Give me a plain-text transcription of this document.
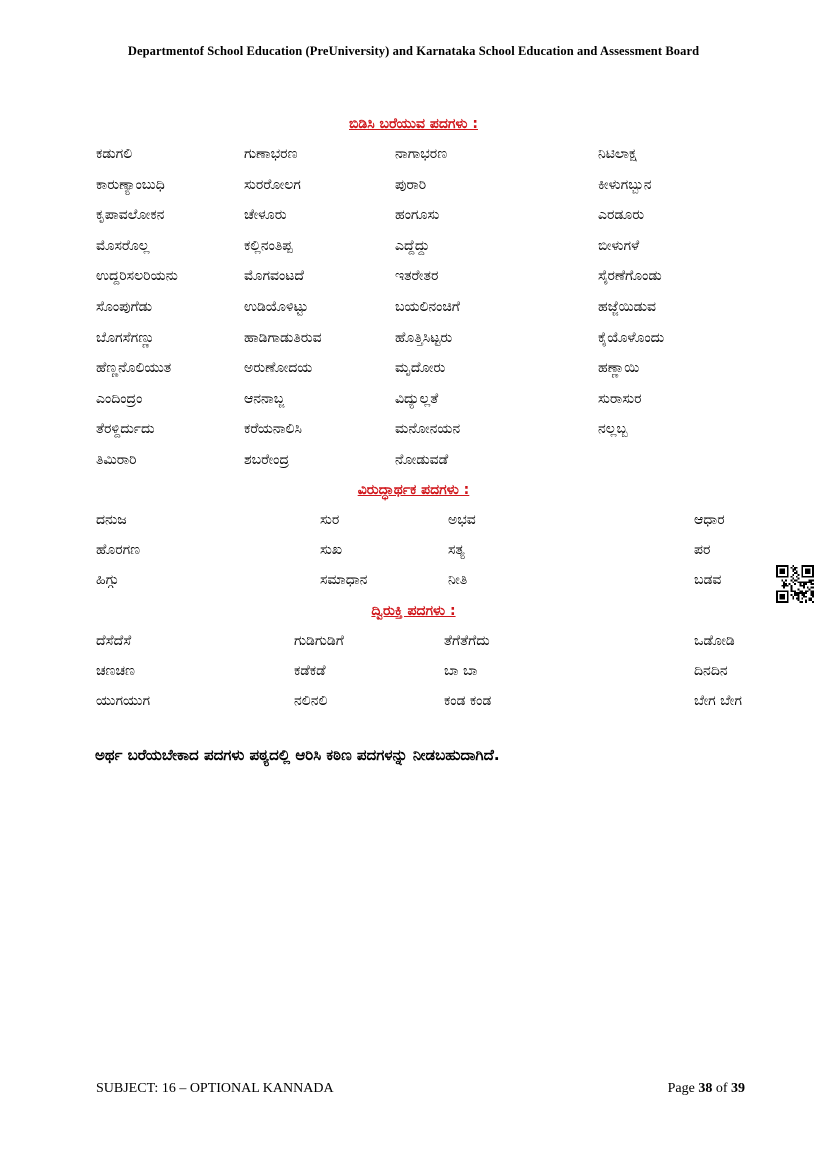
Departmentof School Education (PreUniversity) and Karnataka School Education and Assessment Board
ಬಿಡಿಸಿ ಬರೆಯುವ ಪದಗಳು :
ಕಡುಗಲಿ	ಗುಣಾಭರಣ	ನಾಗಾಭರಣ	ನಿಟಿಲಾಕ್ಷ
ಕಾರುಣ್ಯಾಂಬುಧಿ	ಸುರರೋಲಗ	ಪುರಾರಿ	ಕೀಳುಗಬ್ಬುನ
ಕೃಪಾವಲೋಕನ	ಚೇಳೂರು	ಹಂಗೂಸು	ಎರಡೂರು
ಮೊಸರೊಲ್ಲ	ಕಲ್ಲಿನಂತಿಪ್ಪ	ಎದ್ದೆದ್ದು	ಬೀಳುಗಳೆ
ಉದ್ದರಿಸಲರಿಯನು	ಮೊಗವಂಟದೆ	ಇತರೇತರ	ಸೈರಣೆಗೊಂಡು
ಸೊಂಪುಗೆಡು	ಉಡಿಯೊಳಿಟ್ಟು	ಬಯಲಿನಂಚಿಗೆ	ಹಜ್ಜೆಯಿಡುವ
ಬೊಗಸೆಗಣ್ಣು	ಹಾಡಿಗಾಡುತಿರುವ	ಹೊತ್ತಿಸಿಟ್ಟರು	ಕೈಯೊಳೊಂದು
ಹೆಣ್ಣನೊಲಿಯುತ	ಅರುಣೋದಯ	ಮೃದೋರು	ಹಣ್ಣಾಯಿ
ಎಂದಿಂದ್ರಂ	ಆನನಾಬ್ಜ	ವಿದ್ಯುಲ್ಲತೆ	ಸುರಾಸುರ
ತೆರಳ್ದಿರ್ದುದು	ಕರೆಯನಾಲಿಸಿ	ಮನೋನಯನ	ನಲ್ಲಬ್ಬ
ತಿಮಿರಾರಿ	ಶಬರೇಂದ್ರ	ನೋಡುವಡೆ
ವಿರುದ್ಧಾರ್ಥಕ ಪದಗಳು :
ದನುಜ	ಸುರ	ಅಭವ	ಆಧಾರ
ಹೊರಗಣ	ಸುಖ	ಸತ್ಯ	ಪರ
ಹಿಗ್ಗು	ಸಮಾಧಾನ	ನೀತಿ	ಬಡವ
ದ್ವಿರುಕ್ತಿ ಪದಗಳು :
ದೆಸೆದೆಸೆ	ಗುಡಿಗುಡಿಗೆ	ತೆಗೆತೆಗೆದು	ಒಡೋಡಿ
ಚಣಚಣ	ಕಡೆಕಡೆ	ಬಾ ಬಾ	ದಿನದಿನ
ಯುಗಯುಗ	ನಲಿನಲಿ	ಕಂಡ ಕಂಡ	ಬೇಗ ಬೇಗ
ಅರ್ಥ ಬರೆಯಬೇಕಾದ ಪದಗಳು ಪಠ್ಯದಲ್ಲಿ ಆರಿಸಿ ಕಠಿಣ ಪದಗಳನ್ನು ನೀಡಬಹುದಾಗಿದೆ.
SUBJECT: 16 – OPTIONAL KANNADA	Page 38 of 39
